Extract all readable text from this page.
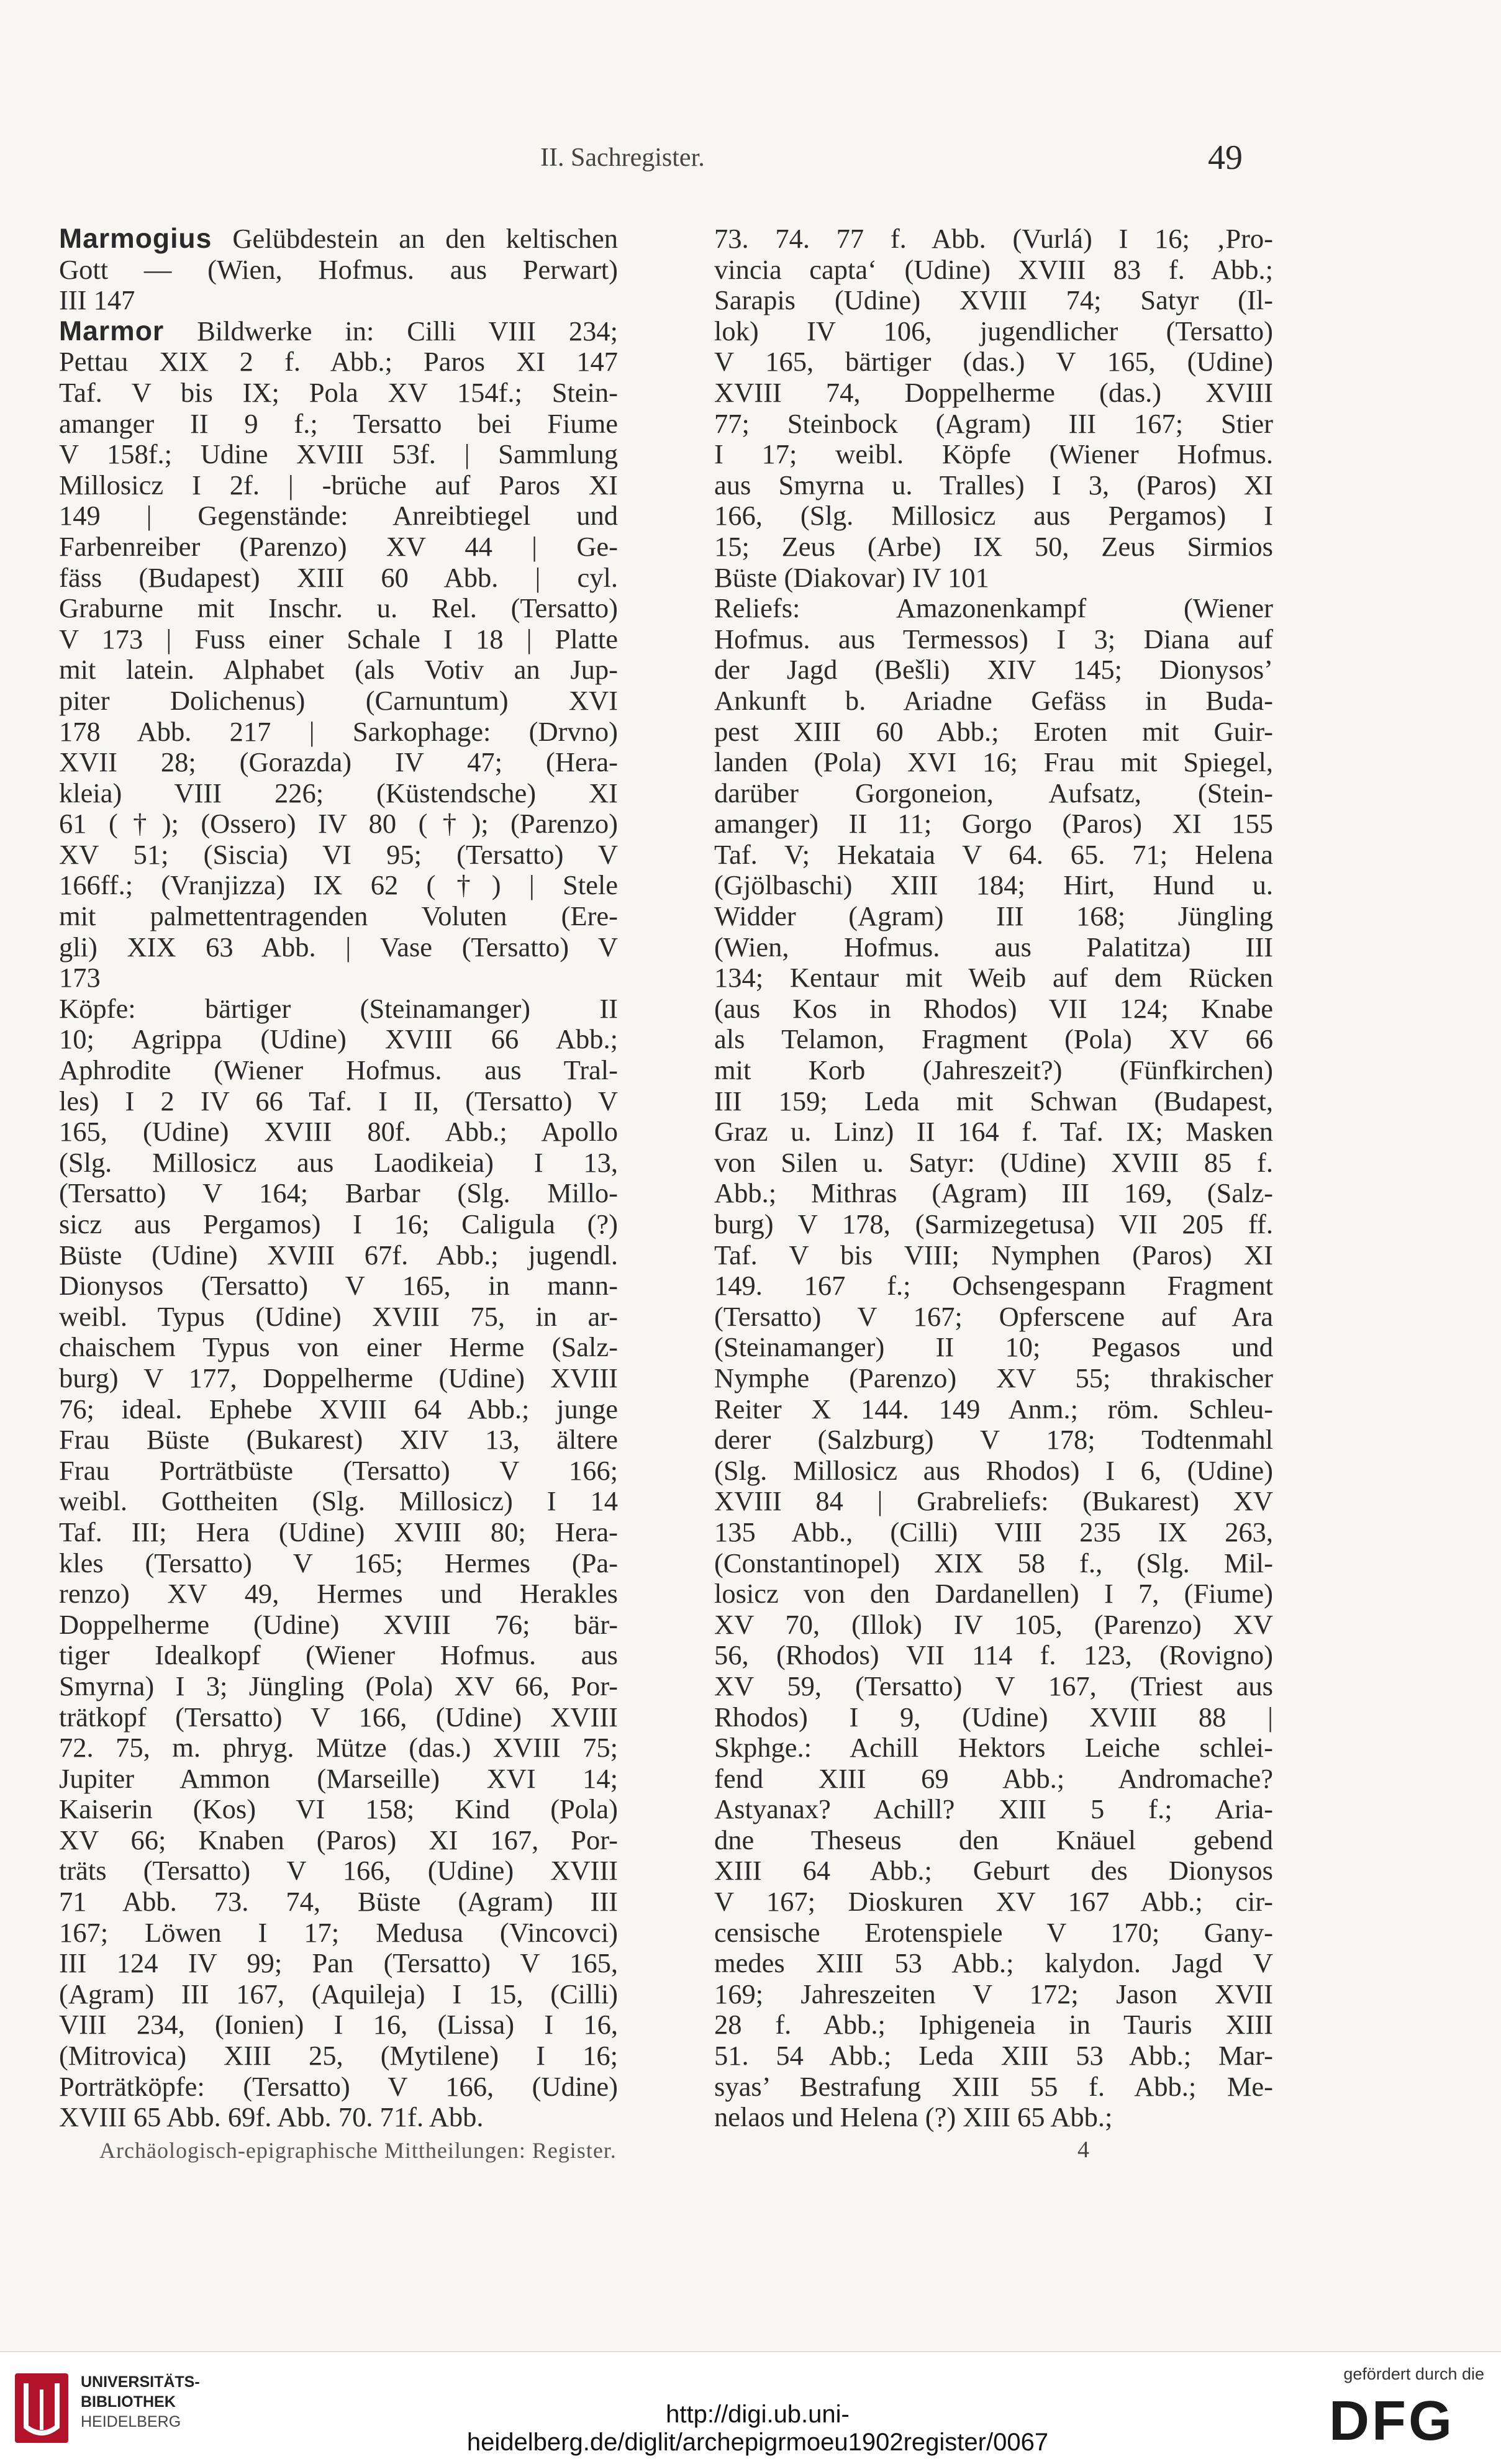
II. Sachregister.	49
Marmogius Gelübdestein an den keltischen
Gott — (Wien, Hofmus. aus Perwart)
III 147
Marmor Bildwerke in: Cilli VIII 234;
Pettau XIX 2 f. Abb.; Paros XI 147
Taf. V bis IX; Pola XV 154f.; Stein-
amanger II 9 f.; Tersatto bei Fiume
V 158f.; Udine XVIII 53f. | Sammlung
Millosicz I 2f. | -brüche auf Paros XI
149 | Gegenstände: Anreibtiegel und
Farbenreiber (Parenzo) XV 44 | Ge-
fäss (Budapest) XIII 60 Abb. | cyl.
Graburne mit Inschr. u. Rel. (Tersatto)
V 173 | Fuss einer Schale I 18 | Platte
mit latein. Alphabet (als Votiv an Jup-
piter Dolichenus) (Carnuntum) XVI
178 Abb. 217 | Sarkophage: (Drvno)
XVII 28; (Gorazda) IV 47; (Hera-
kleia) VIII 226; (Küstendsche) XI
61 (†); (Ossero) IV 80 (†); (Parenzo)
XV 51; (Siscia) VI 95; (Tersatto) V
166ff.; (Vranjizza) IX 62 (†) | Stele
mit palmettentragenden Voluten (Ere-
gli) XIX 63 Abb. | Vase (Tersatto) V
173
Köpfe: bärtiger (Steinamanger) II
10; Agrippa (Udine) XVIII 66 Abb.;
Aphrodite (Wiener Hofmus. aus Tral-
les) I 2 IV 66 Taf. I II, (Tersatto) V
165, (Udine) XVIII 80f. Abb.; Apollo
(Slg. Millosicz aus Laodikeia) I 13,
(Tersatto) V 164; Barbar (Slg. Millo-
sicz aus Pergamos) I 16; Caligula (?)
Büste (Udine) XVIII 67f. Abb.; jugendl.
Dionysos (Tersatto) V 165, in mann-
weibl. Typus (Udine) XVIII 75, in ar-
chaischem Typus von einer Herme (Salz-
burg) V 177, Doppelherme (Udine) XVIII
76; ideal. Ephebe XVIII 64 Abb.; junge
Frau Büste (Bukarest) XIV 13, ältere
Frau Porträtbüste (Tersatto) V 166;
weibl. Gottheiten (Slg. Millosicz) I 14
Taf. III; Hera (Udine) XVIII 80; Hera-
kles (Tersatto) V 165; Hermes (Pa-
renzo) XV 49, Hermes und Herakles
Doppelherme (Udine) XVIII 76; bär-
tiger Idealkopf (Wiener Hofmus. aus
Smyrna) I 3; Jüngling (Pola) XV 66, Por-
trätkopf (Tersatto) V 166, (Udine) XVIII
72. 75, m. phryg. Mütze (das.) XVIII 75;
Jupiter Ammon (Marseille) XVI 14;
Kaiserin (Kos) VI 158; Kind (Pola)
XV 66; Knaben (Paros) XI 167, Por-
träts (Tersatto) V 166, (Udine) XVIII
71 Abb. 73. 74, Büste (Agram) III
167; Löwen I 17; Medusa (Vincovci)
III 124 IV 99; Pan (Tersatto) V 165,
(Agram) III 167, (Aquileja) I 15, (Cilli)
VIII 234, (Ionien) I 16, (Lissa) I 16,
(Mitrovica) XIII 25, (Mytilene) I 16;
Porträtköpfe: (Tersatto) V 166, (Udine)
XVIII 65 Abb. 69f. Abb. 70. 71f. Abb.
73. 74. 77 f. Abb. (Vurlá) I 16; ‚Pro-
vincia capta‘ (Udine) XVIII 83 f. Abb.;
Sarapis (Udine) XVIII 74; Satyr (Il-
lok) IV 106, jugendlicher (Tersatto)
V 165, bärtiger (das.) V 165, (Udine)
XVIII 74, Doppelherme (das.) XVIII
77; Steinbock (Agram) III 167; Stier
I 17; weibl. Köpfe (Wiener Hofmus.
aus Smyrna u. Tralles) I 3, (Paros) XI
166, (Slg. Millosicz aus Pergamos) I
15; Zeus (Arbe) IX 50, Zeus Sirmios
Büste (Diakovar) IV 101
Reliefs: Amazonenkampf (Wiener
Hofmus. aus Termessos) I 3; Diana auf
der Jagd (Bešli) XIV 145; Dionysos’
Ankunft b. Ariadne Gefäss in Buda-
pest XIII 60 Abb.; Eroten mit Guir-
landen (Pola) XVI 16; Frau mit Spiegel,
darüber Gorgoneion, Aufsatz, (Stein-
amanger) II 11; Gorgo (Paros) XI 155
Taf. V; Hekataia V 64. 65. 71; Helena
(Gjölbaschi) XIII 184; Hirt, Hund u.
Widder (Agram) III 168; Jüngling
(Wien, Hofmus. aus Palatitza) III
134; Kentaur mit Weib auf dem Rücken
(aus Kos in Rhodos) VII 124; Knabe
als Telamon, Fragment (Pola) XV 66
mit Korb (Jahreszeit?) (Fünfkirchen)
III 159; Leda mit Schwan (Budapest,
Graz u. Linz) II 164 f. Taf. IX; Masken
von Silen u. Satyr: (Udine) XVIII 85 f.
Abb.; Mithras (Agram) III 169, (Salz-
burg) V 178, (Sarmizegetusa) VII 205 ff.
Taf. V bis VIII; Nymphen (Paros) XI
149. 167 f.; Ochsengespann Fragment
(Tersatto) V 167; Opferscene auf Ara
(Steinamanger) II 10; Pegasos und
Nymphe (Parenzo) XV 55; thrakischer
Reiter X 144. 149 Anm.; röm. Schleu-
derer (Salzburg) V 178; Todtenmahl
(Slg. Millosicz aus Rhodos) I 6, (Udine)
XVIII 84 | Grabreliefs: (Bukarest) XV
135 Abb., (Cilli) VIII 235 IX 263,
(Constantinopel) XIX 58 f., (Slg. Mil-
losicz von den Dardanellen) I 7, (Fiume)
XV 70, (Illok) IV 105, (Parenzo) XV
56, (Rhodos) VII 114 f. 123, (Rovigno)
XV 59, (Tersatto) V 167, (Triest aus
Rhodos) I 9, (Udine) XVIII 88 |
Skphge.: Achill Hektors Leiche schlei-
fend XIII 69 Abb.; Andromache?
Astyanax? Achill? XIII 5 f.; Aria-
dne Theseus den Knäuel gebend
XIII 64 Abb.; Geburt des Dionysos
V 167; Dioskuren XV 167 Abb.; cir-
censische Erotenspiele V 170; Gany-
medes XIII 53 Abb.; kalydon. Jagd V
169; Jahreszeiten V 172; Jason XVII
28 f. Abb.; Iphigeneia in Tauris XIII
51. 54 Abb.; Leda XIII 53 Abb.; Mar-
syas’ Bestrafung XIII 55 f. Abb.; Me-
nelaos und Helena (?) XIII 65 Abb.;
Archäologisch-epigraphische Mittheilungen: Register.	4
UNIVERSITÄTS-
BIBLIOTHEK
HEIDELBERG	http://digi.ub.uni-heidelberg.de/diglit/archepigrmoeu1902register/0067
gefördert durch die
DFG
